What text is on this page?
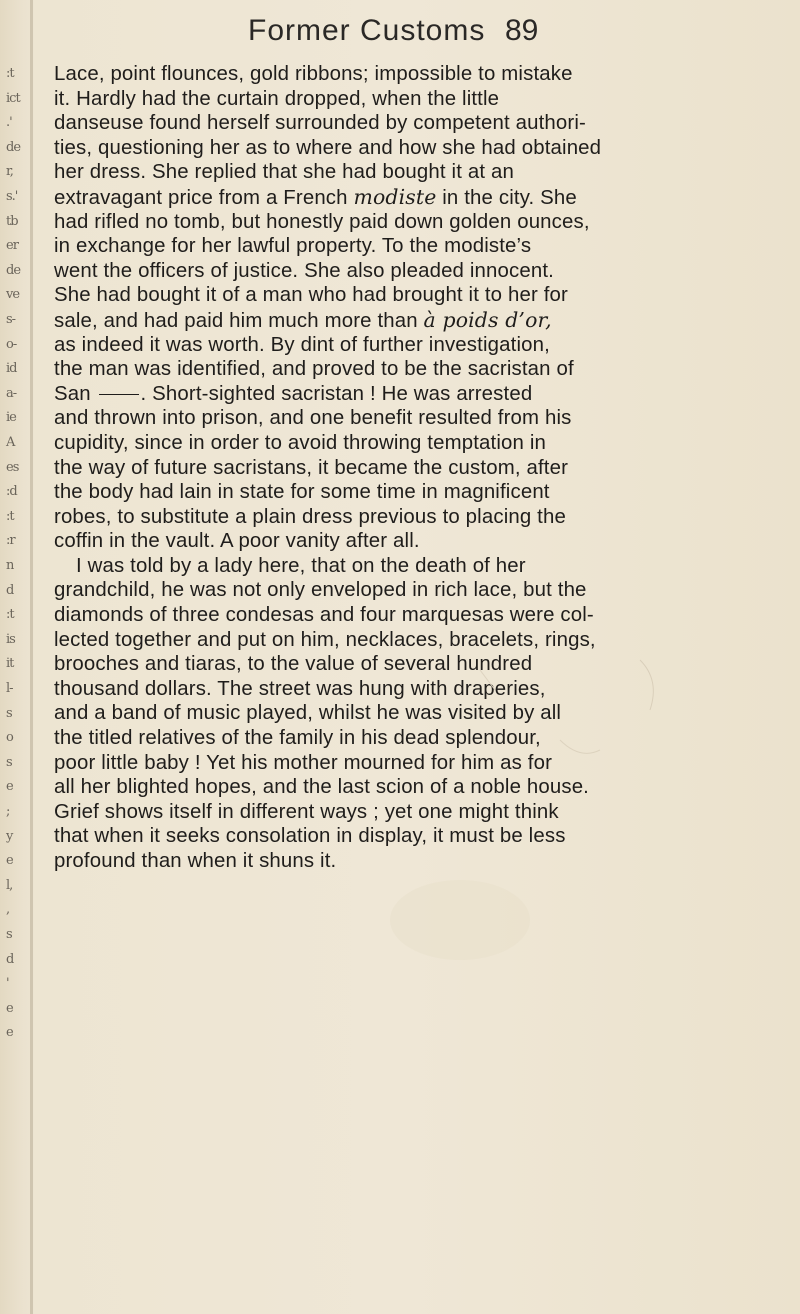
:t
ict
.'
de
r,
s.'
tb
er
de
ve
s-
o-
id
a-
ie
A
es
:d
:t
:r
n
d
:t
is
it
l-
s
o
s
e
;
y
e
l,
,
s
d
'
e
e
Former Customs 89
Lace, point flounces, gold ribbons; impossible to mistake
it. Hardly had the curtain dropped, when the little
danseuse found herself surrounded by competent authori-
ties, questioning her as to where and how she had obtained
her dress. She replied that she had bought it at an
extravagant price from a French modiste in the city. She
had rifled no tomb, but honestly paid down golden ounces,
in exchange for her lawful property. To the modiste’s
went the officers of justice. She also pleaded innocent.
She had bought it of a man who had brought it to her for
sale, and had paid him much more than à poids d’or,
as indeed it was worth. By dint of further investigation,
the man was identified, and proved to be the sacristan of
San . Short-sighted sacristan ! He was arrested
and thrown into prison, and one benefit resulted from his
cupidity, since in order to avoid throwing temptation in
the way of future sacristans, it became the custom, after
the body had lain in state for some time in magnificent
robes, to substitute a plain dress previous to placing the
coffin in the vault. A poor vanity after all.
I was told by a lady here, that on the death of her
grandchild, he was not only enveloped in rich lace, but the
diamonds of three condesas and four marquesas were col-
lected together and put on him, necklaces, bracelets, rings,
brooches and tiaras, to the value of several hundred
thousand dollars. The street was hung with draperies,
and a band of music played, whilst he was visited by all
the titled relatives of the family in his dead splendour,
poor little baby ! Yet his mother mourned for him as for
all her blighted hopes, and the last scion of a noble house.
Grief shows itself in different ways ; yet one might think
that when it seeks consolation in display, it must be less
profound than when it shuns it.
